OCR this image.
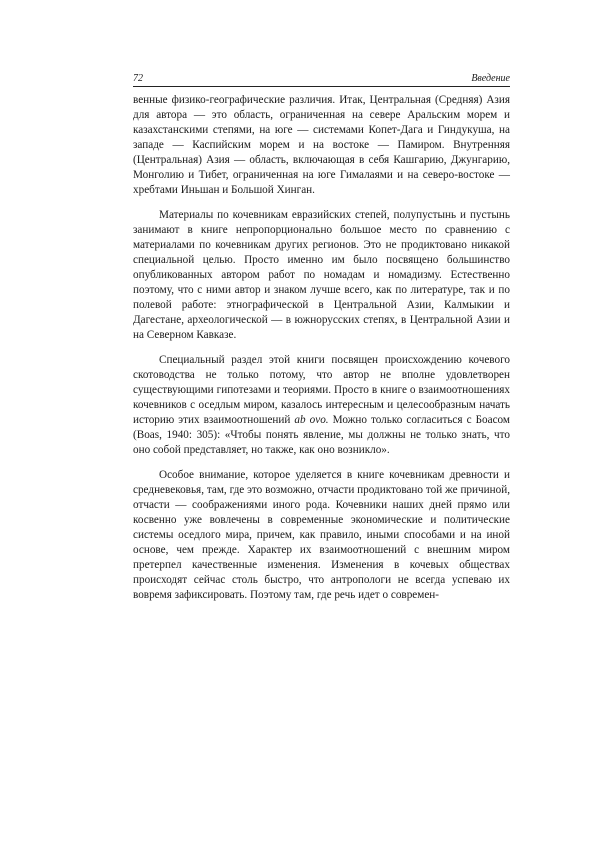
72	Введение

венные физико-географические различия. Итак, Центральная (Средняя) Азия для автора — это область, ограниченная на севере Аральским морем и казахстанскими степями, на юге — системами Копет-Дага и Гиндукуша, на западе — Каспийским морем и на востоке — Памиром. Внутренняя (Центральная) Азия — область, включающая в себя Кашгарию, Джунгарию, Монголию и Тибет, ограниченная на юге Гималаями и на северо-востоке — хребтами Иньшан и Большой Хинган.

Материалы по кочевникам евразийских степей, полупустынь и пустынь занимают в книге непропорционально большое место по сравнению с материалами по кочевникам других регионов. Это не продиктовано никакой специальной целью. Просто именно им было посвящено большинство опубликованных автором работ по номадам и номадизму. Естественно поэтому, что с ними автор и знаком лучше всего, как по литературе, так и по полевой работе: этнографической в Центральной Азии, Калмыкии и Дагестане, археологической — в южнорусских степях, в Центральной Азии и на Северном Кавказе.

Специальный раздел этой книги посвящен происхождению кочевого скотоводства не только потому, что автор не вполне удовлетворен существующими гипотезами и теориями. Просто в книге о взаимоотношениях кочевников с оседлым миром, казалось интересным и целесообразным начать историю этих взаимоотношений ab ovo. Можно только согласиться с Боасом (Boas, 1940: 305): «Чтобы понять явление, мы должны не только знать, что оно собой представляет, но также, как оно возникло».

Особое внимание, которое уделяется в книге кочевникам древности и средневековья, там, где это возможно, отчасти продиктовано той же причиной, отчасти — соображениями иного рода. Кочевники наших дней прямо или косвенно уже вовлечены в современные экономические и политические системы оседлого мира, причем, как правило, иными способами и на иной основе, чем прежде. Характер их взаимоотношений с внешним миром претерпел качественные изменения. Изменения в кочевых обществах происходят сейчас столь быстро, что антропологи не всегда успеваю их вовремя зафиксировать. Поэтому там, где речь идет о современ-
